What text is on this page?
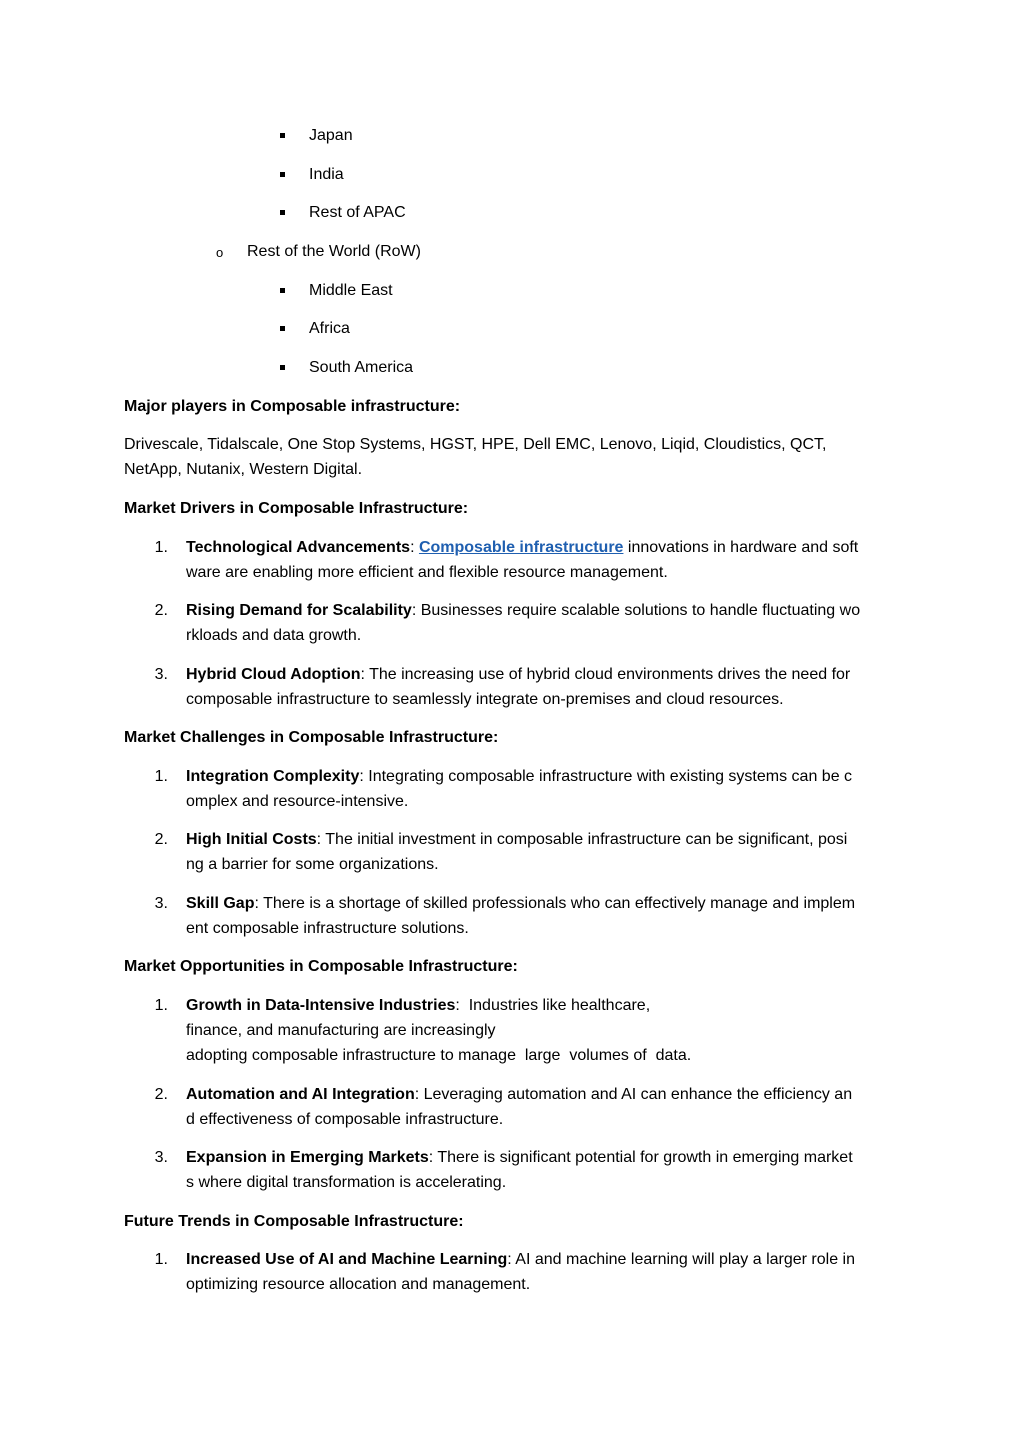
Japan
India
Rest of APAC
o Rest of the World (RoW)
Middle East
Africa
South America
Major players in Composable infrastructure:
Drivescale, Tidalscale, One Stop Systems, HGST, HPE, Dell EMC, Lenovo, Liqid, Cloudistics, QCT,
NetApp, Nutanix, Western Digital.
Market Drivers in Composable Infrastructure:
1. Technological Advancements: Composable infrastructure innovations in hardware and soft
ware are enabling more efficient and flexible resource management.
2. Rising Demand for Scalability: Businesses require scalable solutions to handle fluctuating wo
rkloads and data growth.
3. Hybrid Cloud Adoption: The increasing use of hybrid cloud environments drives the need for
composable infrastructure to seamlessly integrate on-premises and cloud resources.
Market Challenges in Composable Infrastructure:
1. Integration Complexity: Integrating composable infrastructure with existing systems can be c
omplex and resource-intensive.
2. High Initial Costs: The initial investment in composable infrastructure can be significant, posi
ng a barrier for some organizations.
3. Skill Gap: There is a shortage of skilled professionals who can effectively manage and implem
ent composable infrastructure solutions.
Market Opportunities in Composable Infrastructure:
1. Growth in Data-Intensive Industries:  Industries like healthcare,
finance, and manufacturing are increasingly
adopting composable infrastructure to manage  large  volumes of  data.
2. Automation and AI Integration: Leveraging automation and AI can enhance the efficiency an
d effectiveness of composable infrastructure.
3. Expansion in Emerging Markets: There is significant potential for growth in emerging market
s where digital transformation is accelerating.
Future Trends in Composable Infrastructure:
1. Increased Use of AI and Machine Learning: AI and machine learning will play a larger role in
optimizing resource allocation and management.
